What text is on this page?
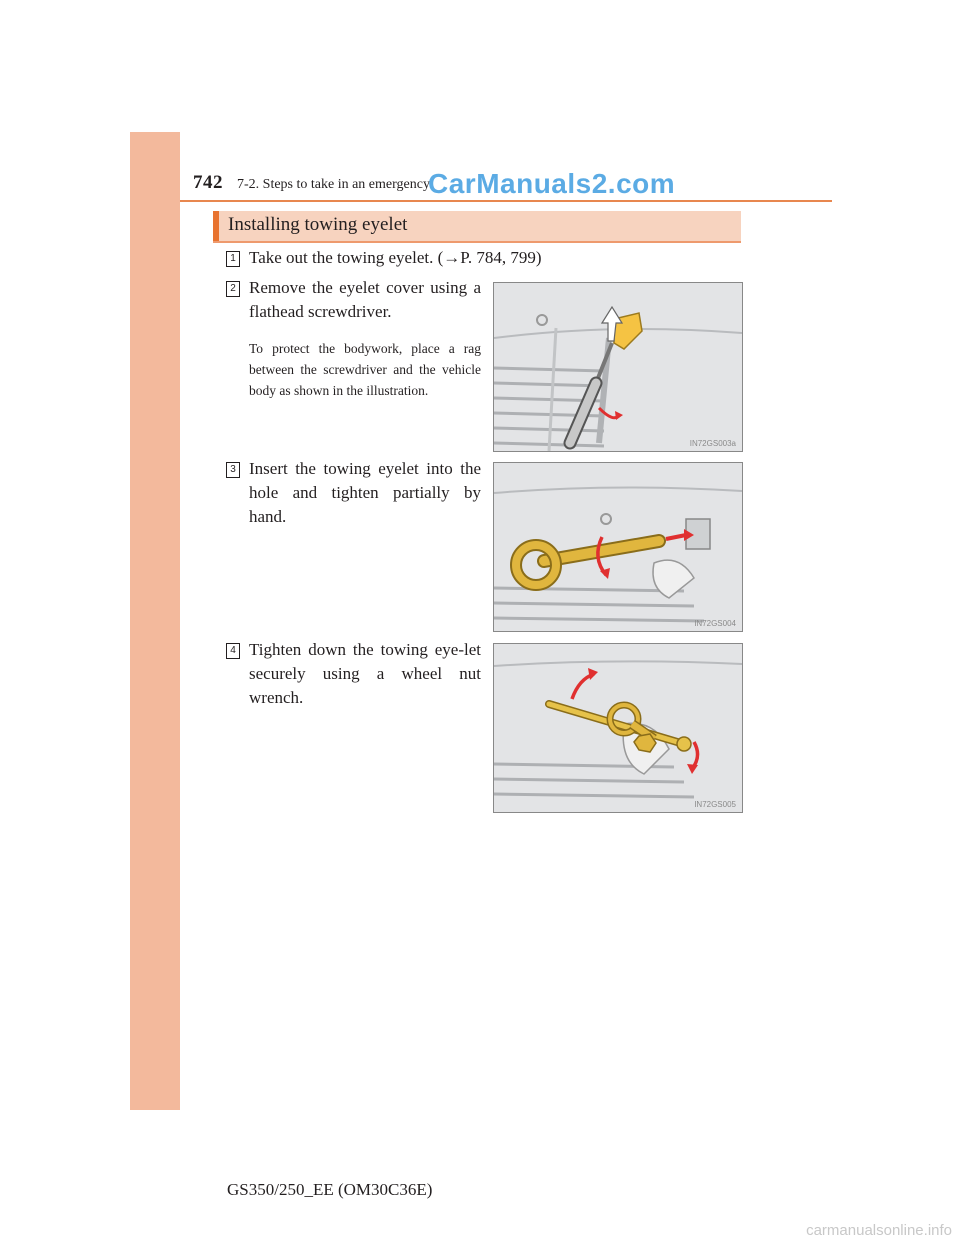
742 7-2. Steps to take in an emergency
CarManuals2.com
Installing towing eyelet
1 Take out the towing eyelet. (→P. 784, 799)
2 Remove the eyelet cover using a flathead screwdriver.
To protect the bodywork, place a rag between the screwdriver and the vehicle body as shown in the illustration.
IN72GS003a
3 Insert the towing eyelet into the hole and tighten partially by hand.
IN72GS004
4 Tighten down the towing eye-let securely using a wheel nut wrench.
IN72GS005
GS350/250_EE (OM30C36E)
carmanualsonline.info
